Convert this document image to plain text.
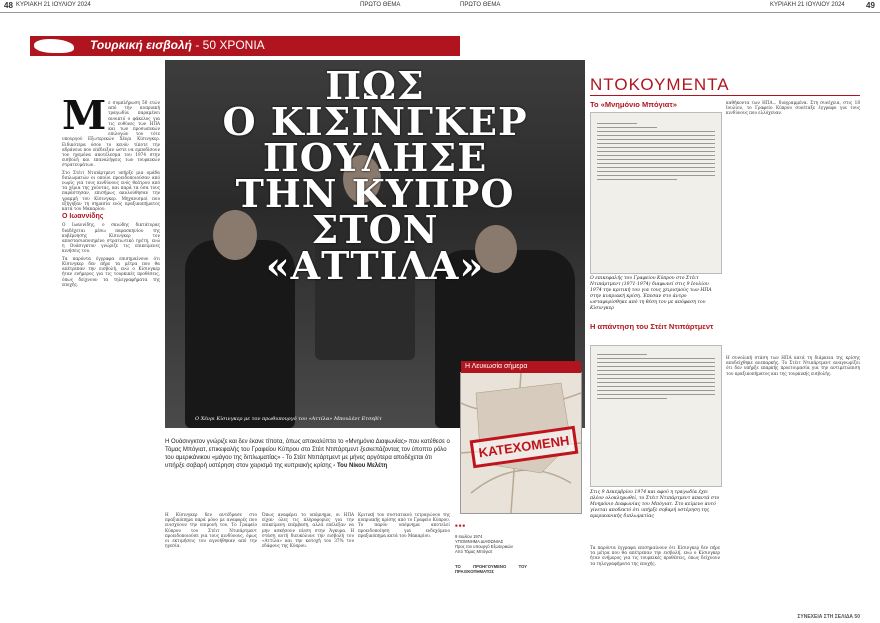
48 ΚΥΡΙΑΚΗ 21 ΙΟΥΛΙΟΥ 2024	ΠΡΩΤΟ ΘΕΜΑ	ΠΡΩΤΟ ΘΕΜΑ	ΚΥΡΙΑΚΗ 21 ΙΟΥΛΙΟΥ 2024	49
Τουρκική εισβολή - 50 ΧΡΟΝΙΑ

Με συμπλήρωση 50 ετών από την κυπριακή τραγωδία παραμένει ανοικτό ο φάκελος για τις ευθύνες των ΗΠΑ και των προσωπικών επιλογών του τότε υπουργού Εξωτερικών Χένρι Κίσινγκερ. Ειδικότερα όσον το κενόν τίποτε την αδράνεια που επέδειξαν ώστε να εμποδίσουν τον ηγεμόνα αποτέλεσμα του 1974 στην εισβολή και επαναλήψεις των τουρκικών στρατευμάτων.

Στο Στέιτ Ντιπάρτμεντ υπήρξε μια ομάδα διπλωματών οι οποίοι προειδοποιούσαν από νωρίς για τους κινδύνους ενός θεάτρου από τα χέρια της χούντας, και παρά τα όσα τους παράστησαν, επισήμως ακολούθησαν την γραμμή του Κίσινγκερ. Μηχανισμοί που εξήγηξαν τη σημασία ενός πραξικοπήματος κατά του Μακαρίου.

Ο Ιωαννίδης

Ο Ιωαννίδης, ο σκιώδης δικτάτορας διαδέχεται μέσω παρασκηνίου της κυβέρνησης Κίσινγκερ τον αποστασιοποιημένο στρατιωτικό ηγέτη, ενώ η Ουάσιγκτον γνώριζε τις επικείμενες κινήσεις του.

Τα παρόντα έγγραφα επισημαίνουν ότι Κίσινγκερ δεν πήρε τα μέτρα που θα απέτρεπαν την εισβολή, ενώ ο Κίσινγκερ ήταν ενήμερος για τις τουρκικές προθέσεις, όπως δείχνουν τα τηλεγραφήματα της εποχής.

ΠΩΣ
Ο ΚΙΣΙΝΓΚΕΡ
ΠΟΥΛΗΣΕ
ΤΗΝ ΚΥΠΡΟ
ΣΤΟΝ
«ΑΤΤΙΛΑ»
Ο Χένρι Κίσινγκερ με τον πρωθυπουργό του «Αττίλα» Μπουλέντ Ετσεβίτ
Η Λευκωσία σήμερα
ΚΑΤΕΧΟΜΕΝΗ
Η Ουάσινγκτον γνώριζε και δεν έκανε τίποτα, όπως αποκαλύπτει το «Μνημόνιο Διαφωνίας» που κατέθεσε ο Τόμας Μπόγιατ, επικεφαλής του Γραφείου Κύπρου στο Στέιτ Ντιπάρτμεντ ξεσκεπάζοντας τον ύποπτο ρόλο του αμερικάνικου «μάγου της διπλωματίας» - Το Στέιτ Ντιπάρτμεντ με μήνες αργότερα αποδέχεται ότι υπήρξε σοβαρή υστέρηση στον χειρισμό της κυπριακής κρίσης - Του Νίκου Μελέτη
Η Κίσινγκερ δεν αντέδρασε στο πραξικόπημα παρά μόνο με αναφορές που ενισχύουν την επιμονή του. Το Γραφείο Κύπρου του Στέιτ Ντιπάρτμεντ προειδοποιούσε για τους κινδύνους, όμως οι εκτιμήσεις του αγνοήθηκαν από την ηγεσία.
Όπως αναφέρει το υπόμνημα, οι ΗΠΑ είχαν όλες τις πληροφορίες για την επικείμενη επέμβαση, αλλά επέλεξαν να μην ασκήσουν πίεση στην Άγκυρα. Η στάση αυτή διευκόλυνε την εισβολή του «Αττίλα» και την κατοχή του 37% του εδάφους της Κύπρου.
Κριτική του συστατικού τετραγώνου της κυπριακής κρίσης από το Γραφείο Κύπρου. Το παρόν υπόμνημα αποτελεί προειδοποίηση για ενδεχόμενο πραξικόπημα κατά του Μακαρίου.

■ ■ ■

9 Ιουλίου 1974
ΥΠΟΜΝΗΜΑ ΔΙΑΦΩΝΙΑΣ
Προς τον υπουργό Εξωτερικών
Από Τόμας Μπόγιατ

ΤΟ ΠΡΟΗΓΟΥΜΕΝΟ ΤΟΥ ΠΡΑΞΙΚΟΠΗΜΑΤΟΣ

ΝΤΟΚΟΥΜΕΝΤΑ
Το «Μνημόνιο Μπόγιατ»
Ο επικεφαλής του Γραφείου Κύπρου στο Στέιτ Ντιπάρτμεντ (1971-1974) διαφωνεί στις 9 Ιουλίου 1974 την κριτική του για τους χειρισμούς των ΗΠΑ στην κυπριακή κρίση. Έπεσαν στο άντρο ωσταφυρίσθηκε από τη θέση του με απόφαση του Κίσινγκερ
Η απάντηση του Στέιτ Ντιπάρτμεντ
Στις 9 Δεκεμβρίου 1974 και αφού η τραγωδία έχει πλέον ολοκληρωθεί, το Στέιτ Ντιπάρτμεντ απαντά στο Μνημόνιο Διαφωνίας του Μπόγιατ. Στο κείμενο αυτό γίνεται αποδεκτό ότι υπήρξε σοβαρή υστέρηση της αμερικανικής διπλωματίας
Τα παρόντα έγγραφα επισημαίνουν ότι Κίσινγκερ δεν πήρε τα μέτρα που θα απέτρεπαν την εισβολή, ενώ ο Κίσινγκερ ήταν ενήμερος για τις τουρκικές προθέσεις, όπως δείχνουν τα τηλεγραφήματα της εποχής.
καθήκοντα των ΗΠΑ... διαγραμμένα. Στη συνέχεια, στις 18 Ιουλίου, το Γραφείο Κύπρου συνέταξε έγγραφο για τους κινδύνους που ελλόχευαν.
Η συνολική στάση των ΗΠΑ κατά τη διάρκεια της κρίσης αποδείχθηκε ανεπαρκής. Το Στέιτ Ντιπάρτμεντ αναγνωρίζει ότι δεν υπήρξε επαρκής προετοιμασία για την αντιμετώπιση του πραξικοπήματος και της τουρκικής εισβολής.
ΣΥΝΕΧΕΙΑ ΣΤΗ ΣΕΛΙΔΑ 50
